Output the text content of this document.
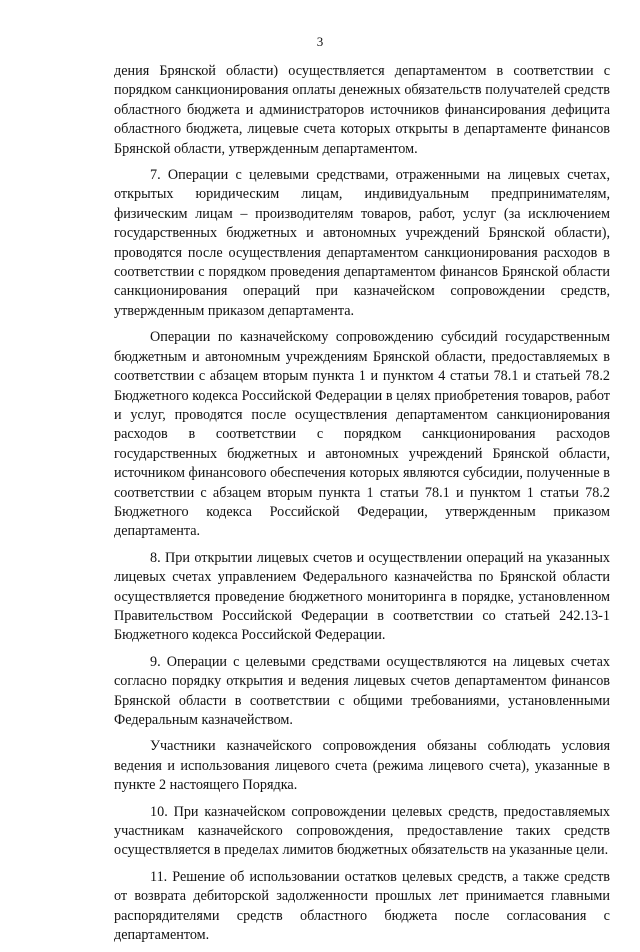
3

дения Брянской области) осуществляется департаментом в соответствии с порядком санкционирования оплаты денежных обязательств получателей средств областного бюджета и администраторов источников финансирования дефицита областного бюджета, лицевые счета которых открыты в департаменте финансов Брянской области, утвержденным департаментом.

7. Операции с целевыми средствами, отраженными на лицевых счетах, открытых юридическим лицам, индивидуальным предпринимателям, физическим лицам – производителям товаров, работ, услуг (за исключением государственных бюджетных и автономных учреждений Брянской области), проводятся после осуществления департаментом санкционирования расходов в соответствии с порядком проведения департаментом финансов Брянской области санкционирования операций при казначейском сопровождении средств, утвержденным приказом департамента.

Операции по казначейскому сопровождению субсидий государственным бюджетным и автономным учреждениям Брянской области, предоставляемых в соответствии с абзацем вторым пункта 1 и пунктом 4 статьи 78.1 и статьей 78.2 Бюджетного кодекса Российской Федерации в целях приобретения товаров, работ и услуг, проводятся после осуществления департаментом санкционирования расходов в соответствии с порядком санкционирования расходов государственных бюджетных и автономных учреждений Брянской области, источником финансового обеспечения которых являются субсидии, полученные в соответствии с абзацем вторым пункта 1 статьи 78.1 и пунктом 1 статьи 78.2 Бюджетного кодекса Российской Федерации, утвержденным приказом департамента.

8. При открытии лицевых счетов и осуществлении операций на указанных лицевых счетах управлением Федерального казначейства по Брянской области осуществляется проведение бюджетного мониторинга в порядке, установленном Правительством Российской Федерации в соответствии со статьей 242.13-1 Бюджетного кодекса Российской Федерации.

9. Операции с целевыми средствами осуществляются на лицевых счетах согласно порядку открытия и ведения лицевых счетов департаментом финансов Брянской области в соответствии с общими требованиями, установленными Федеральным казначейством.

Участники казначейского сопровождения обязаны соблюдать условия ведения и использования лицевого счета (режима лицевого счета), указанные в пункте 2 настоящего Порядка.

10. При казначейском сопровождении целевых средств, предоставляемых участникам казначейского сопровождения, предоставление таких средств осуществляется в пределах лимитов бюджетных обязательств на указанные цели.

11. Решение об использовании остатков целевых средств, а также средств от возврата дебиторской задолженности прошлых лет принимается главными распорядителями средств областного бюджета после согласования с департаментом.
